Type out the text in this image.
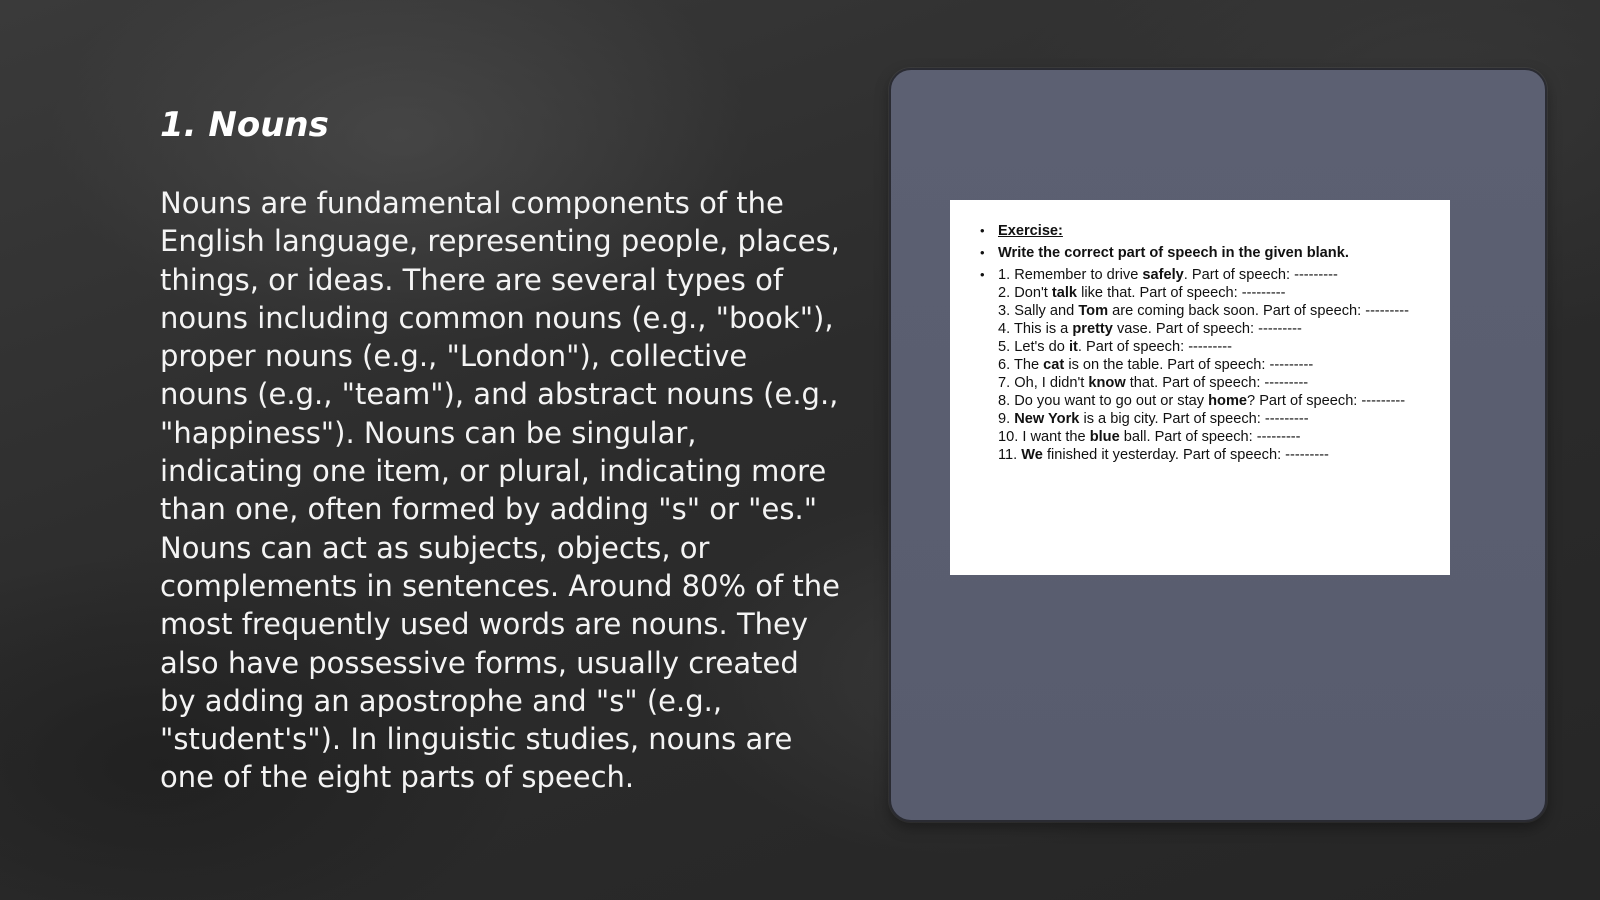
1. Nouns

Nouns are fundamental components of the English language, representing people, places, things, or ideas. There are several types of nouns including common nouns (e.g., "book"), proper nouns (e.g., "London"), collective nouns (e.g., "team"), and abstract nouns (e.g., "happiness"). Nouns can be singular, indicating one item, or plural, indicating more than one, often formed by adding "s" or "es." Nouns can act as subjects, objects, or complements in sentences. Around 80% of the most frequently used words are nouns. They also have possessive forms, usually created by adding an apostrophe and "s" (e.g., "student's"). In linguistic studies, nouns are one of the eight parts of speech.

• Exercise:
• Write the correct part of speech in the given blank.
• 1. Remember to drive safely. Part of speech: ---------
2. Don't talk like that. Part of speech: ---------
3. Sally and Tom are coming back soon. Part of speech: ---------
4. This is a pretty vase. Part of speech: ---------
5. Let's do it. Part of speech: ---------
6. The cat is on the table. Part of speech: ---------
7. Oh, I didn't know that. Part of speech: ---------
8. Do you want to go out or stay home? Part of speech: ---------
9. New York is a big city. Part of speech: ---------
10. I want the blue ball. Part of speech: ---------
11. We finished it yesterday. Part of speech: ---------
